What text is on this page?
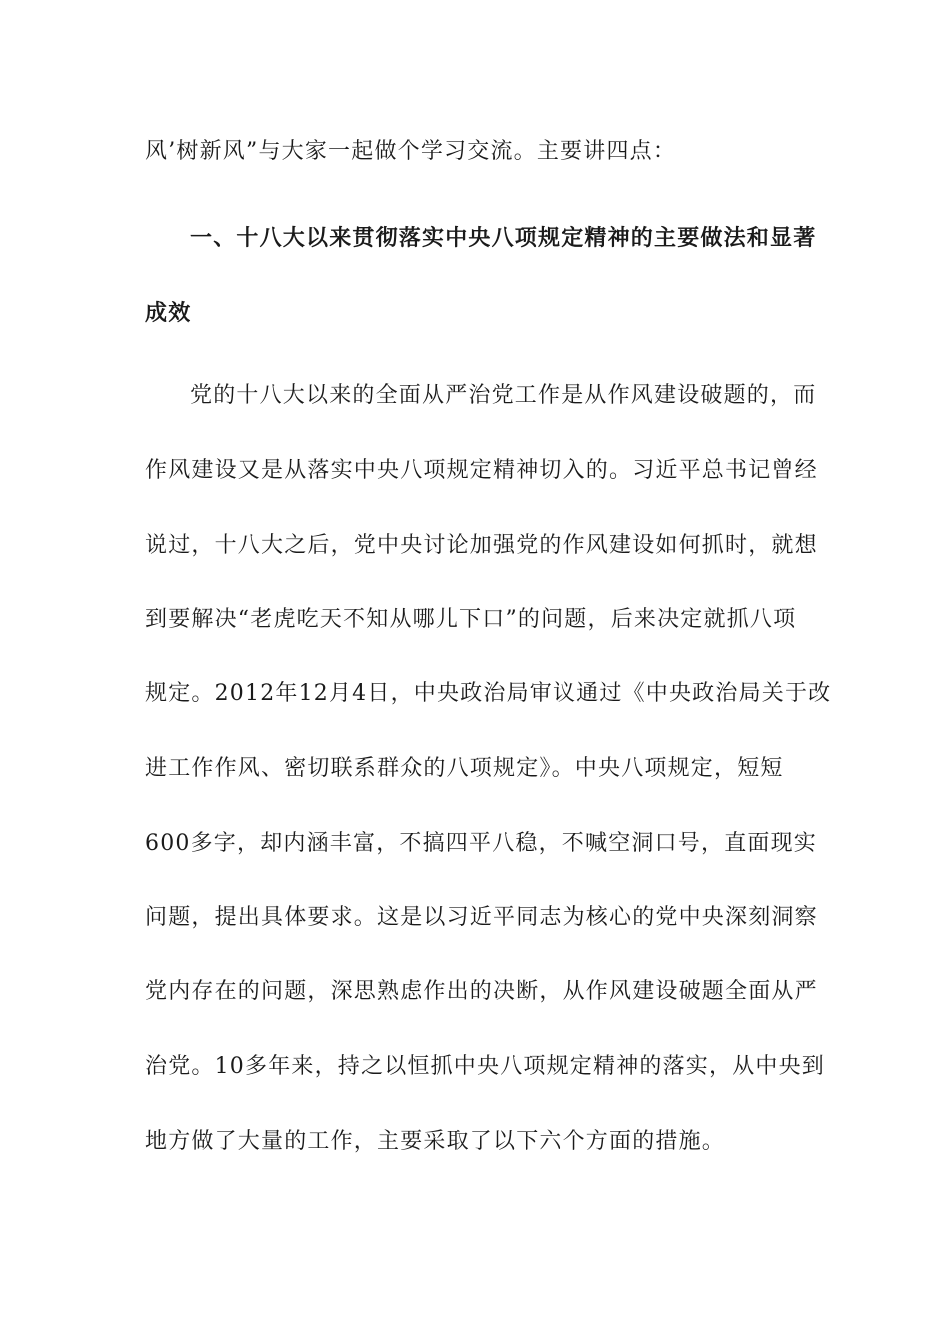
风’树新风”与大家一起做个学习交流。主要讲四点：
一、十八大以来贯彻落实中央八项规定精神的主要做法和显著
成效
党的十八大以来的全面从严治党工作是从作风建设破题的，而
作风建设又是从落实中央八项规定精神切入的。习近平总书记曾经
说过，十八大之后，党中央讨论加强党的作风建设如何抓时，就想
到要解决“老虎吃天不知从哪儿下口”的问题，后来决定就抓八项
规定。2012年12月4日，中央政治局审议通过《中央政治局关于改
进工作作风、密切联系群众的八项规定》。中央八项规定，短短
600多字，却内涵丰富，不搞四平八稳，不喊空洞口号，直面现实
问题，提出具体要求。这是以习近平同志为核心的党中央深刻洞察
党内存在的问题，深思熟虑作出的决断，从作风建设破题全面从严
治党。10多年来，持之以恒抓中央八项规定精神的落实，从中央到
地方做了大量的工作，主要采取了以下六个方面的措施。
